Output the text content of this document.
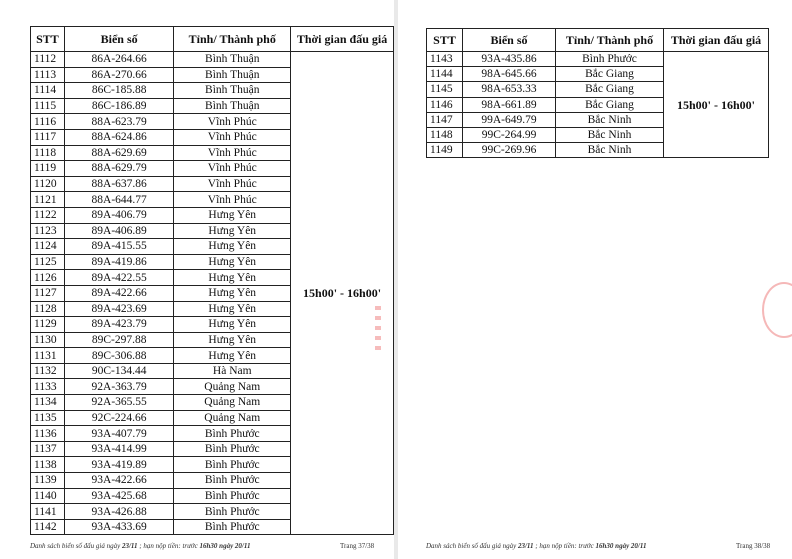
STT	Biển số	Tỉnh/ Thành phố	Thời gian đấu giá
1112	86A-264.66	Bình Thuận	15h00' - 16h00'
1113	86A-270.66	Bình Thuận	
1114	86C-185.88	Bình Thuận	
1115	86C-186.89	Bình Thuận	
1116	88A-623.79	Vĩnh Phúc	
1117	88A-624.86	Vĩnh Phúc	
1118	88A-629.69	Vĩnh Phúc	
1119	88A-629.79	Vĩnh Phúc	
1120	88A-637.86	Vĩnh Phúc	
1121	88A-644.77	Vĩnh Phúc	
1122	89A-406.79	Hưng Yên	
1123	89A-406.89	Hưng Yên	
1124	89A-415.55	Hưng Yên	
1125	89A-419.86	Hưng Yên	
1126	89A-422.55	Hưng Yên	
1127	89A-422.66	Hưng Yên	
1128	89A-423.69	Hưng Yên	
1129	89A-423.79	Hưng Yên	
1130	89C-297.88	Hưng Yên	
1131	89C-306.88	Hưng Yên	
1132	90C-134.44	Hà Nam	
1133	92A-363.79	Quảng Nam	
1134	92A-365.55	Quảng Nam	
1135	92C-224.66	Quảng Nam	
1136	93A-407.79	Bình Phước	
1137	93A-414.99	Bình Phước	
1138	93A-419.89	Bình Phước	
1139	93A-422.66	Bình Phước	
1140	93A-425.68	Bình Phước	
1141	93A-426.88	Bình Phước	
1142	93A-433.69	Bình Phước	
Danh sách biển số đấu giá ngày 23/11 ; hạn nộp tiền: trước 16h30 ngày 20/11	Trang 37/38
STT	Biển số	Tỉnh/ Thành phố	Thời gian đấu giá
1143	93A-435.86	Bình Phước	15h00' - 16h00'
1144	98A-645.66	Bắc Giang	
1145	98A-653.33	Bắc Giang	
1146	98A-661.89	Bắc Giang	
1147	99A-649.79	Bắc Ninh	
1148	99C-264.99	Bắc Ninh	
1149	99C-269.96	Bắc Ninh	
Danh sách biển số đấu giá ngày 23/11 ; hạn nộp tiền: trước 16h30 ngày 20/11	Trang 38/38
